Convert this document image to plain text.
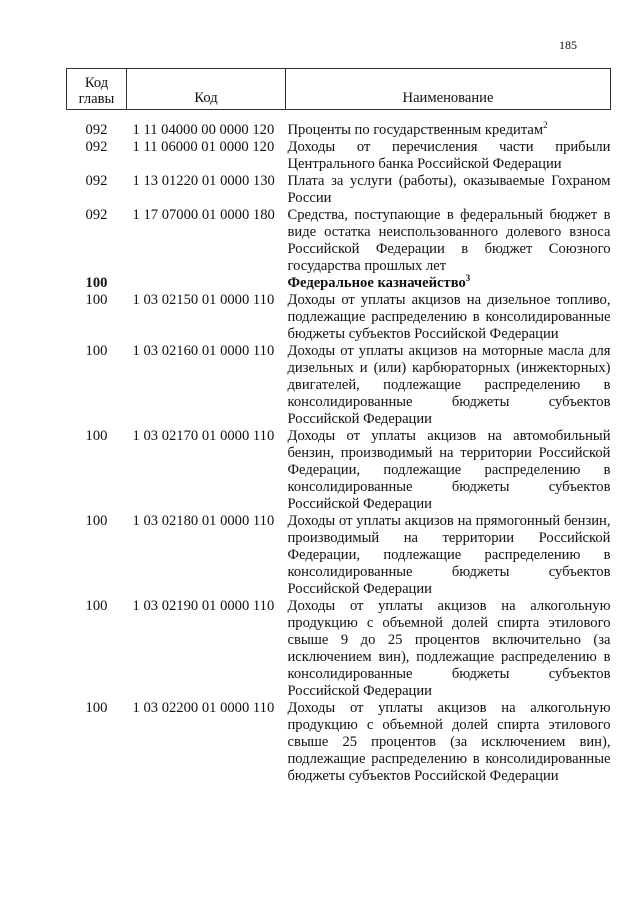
185
Код
главы	Код	Наименование
092	1 11 04000 00 0000 120	Проценты по государственным кредитам$^2$
092	1 11 06000 01 0000 120	Доходы от перечисления части прибыли Центрального банка Российской Федерации
092	1 13 01220 01 0000 130	Плата за услуги (работы), оказываемые Гохраном России
092	1 17 07000 01 0000 180	Средства, поступающие в федеральный бюджет в виде остатка неиспользованного долевого взноса Российской Федерации в бюджет Союзного государства прошлых лет
100		Федеральное казначейство$^3$
100	1 03 02150 01 0000 110	Доходы от уплаты акцизов на дизельное топливо, подлежащие распределению в консолидированные бюджеты субъектов Российской Федерации
100	1 03 02160 01 0000 110	Доходы от уплаты акцизов на моторные масла для дизельных и (или) карбюраторных (инжекторных) двигателей, подлежащие распределению в консолидированные бюджеты субъектов Российской Федерации
100	1 03 02170 01 0000 110	Доходы от уплаты акцизов на автомобильный бензин, производимый на территории Российской Федерации, подлежащие распределению в консолидированные бюджеты субъектов Российской Федерации
100	1 03 02180 01 0000 110	Доходы от уплаты акцизов на прямогонный бензин, производимый на территории Российской Федерации, подлежащие распределению в консолидированные бюджеты субъектов Российской Федерации
100	1 03 02190 01 0000 110	Доходы от уплаты акцизов на алкогольную продукцию с объемной долей спирта этилового свыше 9 до 25 процентов включительно (за исключением вин), подлежащие распределению в консолидированные бюджеты субъектов Российской Федерации
100	1 03 02200 01 0000 110	Доходы от уплаты акцизов на алкогольную продукцию с объемной долей спирта этилового свыше 25 процентов (за исключением вин), подлежащие распределению в консолидированные бюджеты субъектов Российской Федерации
